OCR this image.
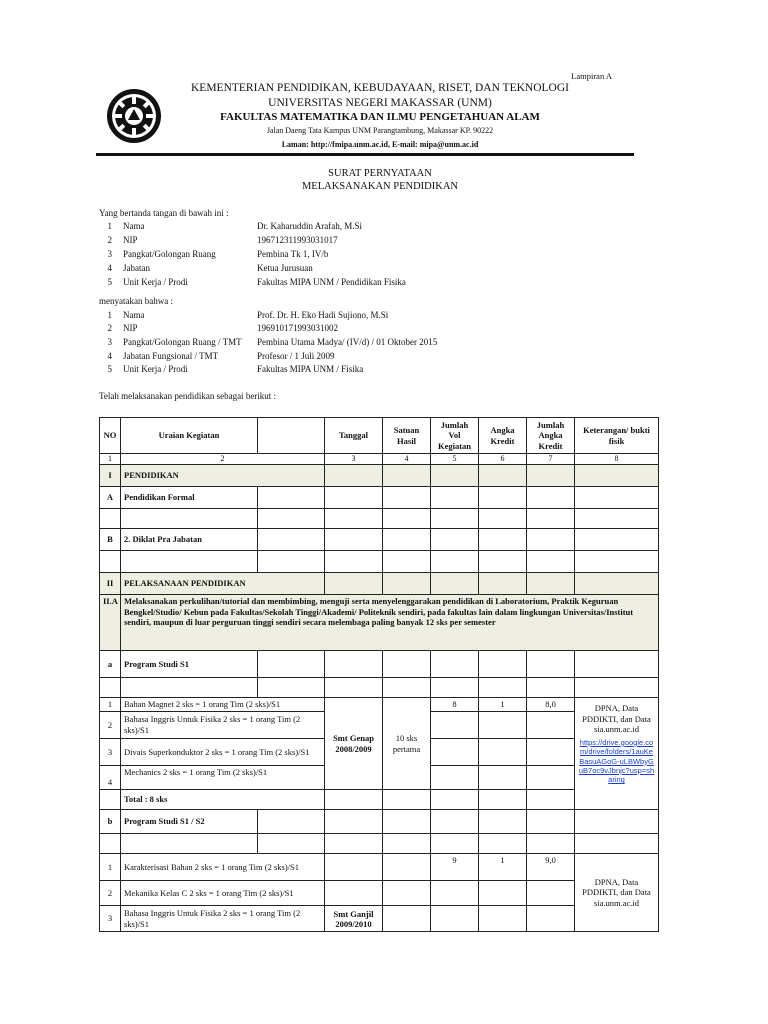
Lampiran A
KEMENTERIAN PENDIDIKAN, KEBUDAYAAN, RISET, DAN TEKNOLOGI
UNIVERSITAS NEGERI MAKASSAR (UNM)
FAKULTAS MATEMATIKA DAN ILMU PENGETAHUAN ALAM
Jalan Daeng Tata Kampus UNM Parangtambung, Makassar KP. 90222
Laman: http://fmipa.unm.ac.id, E-mail: mipa@unm.ac.id
SURAT PERNYATAAN
MELAKSANAKAN PENDIDIKAN
Yang bertanda tangan di bawah ini :
1 Nama	Dr. Kaharuddin Arafah, M.Si
2 NIP	196712311993031017
3 Pangkat/Golongan Ruang	Pembina Tk 1, IV/b
4 Jabatan	Ketua Jurusuan
5 Unit Kerja / Prodi	Fakultas MIPA UNM / Pendidikan Fisika
menyatakan bahwa :
1 Nama	Prof. Dr. H. Eko Hadi Sujiono, M.Si
2 NIP	196910171993031002
3 Pangkat/Golongan Ruang / TMT Pembina Utama Madya/ (IV/d) / 01 Oktober 2015
4 Jabatan Fungsional / TMT	Profesor / 1 Juli 2009
5 Unit Kerja / Prodi	Fakultas MIPA UNM / Fisika
Telah melaksanakan pendidikan sebagai berikut :
NO	Uraian Kegiatan		Tanggal	Satuan Hasil	Jumlah Vol Kegiatan	Angka Kredit	Jumlah Angka Kredit	Keterangan/ bukti fisik
1	2		3	4	5	6	7	8
I	PENDIDIKAN							
A	Pendidikan Formal							

B	2. Diklat Pra Jabatan							

II	PELAKSANAAN PENDIDIKAN							
II.A	Melaksanakan perkulihan/tutorial dan membimbing, menguji serta menyelenggarakan pendidikan di Laboratorium, Praktik Keguruan Bengkel/Studio/ Kebun pada Fakultas/Sekolah Tinggi/Akademi/ Politeknik sendiri, pada fakultas lain dalam lingkungan Universitas/Institut sendiri, maupun di luar perguruan tinggi sendiri secara melembaga paling banyak 12 sks per semester							
a	Program Studi S1							

1	Bahan Magnet 2 sks = 1 orang Tim (2 sks)/S1		Smt Genap 2008/2009	10 sks pertama	8	1	8,0	DPNA, Data PDDIKTI, dan Data sia.unm.ac.id
https://drive.google.com/drive/folders/1auKeBasuAGoG-uLBWbyGuB7oc9vJbnjc?usp=sharing

2	Bahasa Inggris Untuk Fisika 2 sks = 1 orang Tim (2 sks)/S1							
3	Divais Superkonduktor 2 sks = 1 orang Tim (2 sks)/S1							
4	Mechanics 2 sks = 1 orang Tim (2 sks)/S1							
	Total : 8 sks							
b	Program Studi S1 / S2							

1	Karakterisasi Bahan 2 sks = 1 orang Tim (2 sks)/S1				9	1	9,0	DPNA, Data PDDIKTI, dan Data sia.unm.ac.id
2	Mekanika Kelas C 2 sks = 1 orang Tim (2 sks)/S1							
3	Bahasa Inggris Untuk Fisika 2 sks = 1 orang Tim (2 sks)/S1		Smt Ganjil 2009/2010					
